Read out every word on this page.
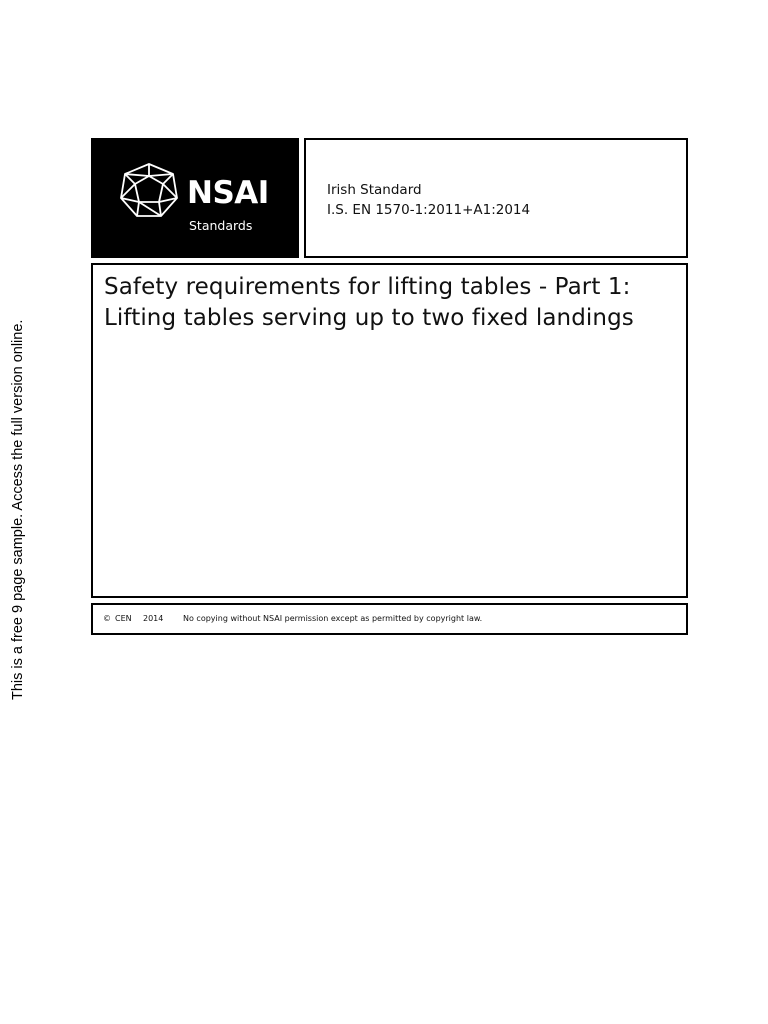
This is a free 9 page sample. Access the full version online.
NSAI
Standards
Irish Standard
I.S. EN 1570-1:2011+A1:2014
Safety requirements for lifting tables - Part 1: Lifting tables serving up to two fixed landings
© CEN 2014 No copying without NSAI permission except as permitted by copyright law.
